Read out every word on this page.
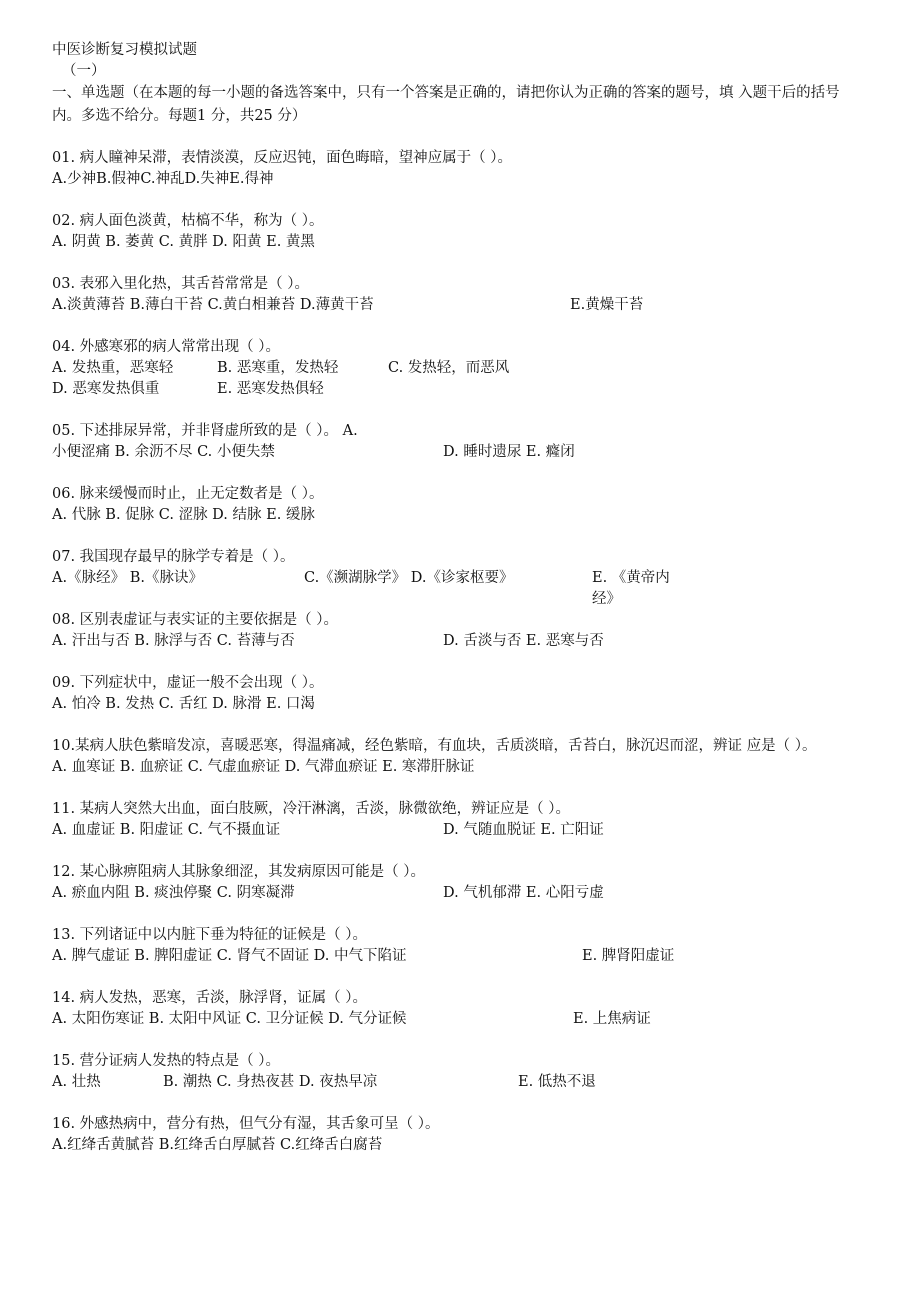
中医诊断复习模拟试题

（一）

一、单选题（在本题的每一小题的备选答案中，只有一个答案是正确的，请把你认为正确的答案的题号，填 入题干后的括号内。多选不给分。每题1 分，共25 分）

01. 病人瞳神呆滞，表情淡漠，反应迟钝，面色晦暗，望神应属于（ ）。

A.少神B.假神C.神乱D.失神E.得神

02. 病人面色淡黄，枯槁不华，称为（ ）。

A. 阴黄 B. 萎黄 C. 黄胖 D. 阳黄 E. 黄黑

03. 表邪入里化热，其舌苔常常是（ ）。

A.淡黄薄苔 B.薄白干苔 C.黄白相兼苔 D.薄黄干苔	E.黄燥干苔

04. 外感寒邪的病人常常出现（ ）。

A. 发热重，恶寒轻	B. 恶寒重，发热轻	C. 发热轻，而恶风
D. 恶寒发热俱重	E. 恶寒发热俱轻

05. 下述排尿异常，并非肾虚所致的是（ ）。 A.

小便涩痛 B. 余沥不尽 C. 小便失禁	D. 睡时遗尿 E. 癃闭

06. 脉来缓慢而时止，止无定数者是（ ）。

A. 代脉 B. 促脉 C. 涩脉 D. 结脉 E. 缓脉

07. 我国现存最早的脉学专着是（ ）。

A.《脉经》 B.《脉诀》	C.《濒湖脉学》 D.《诊家枢要》	E. 《黄帝内经》

08. 区别表虚证与表实证的主要依据是（ ）。

A. 汗出与否 B. 脉浮与否 C. 苔薄与否	D. 舌淡与否 E. 恶寒与否

09. 下列症状中，虚证一般不会出现（ ）。

A. 怕冷 B. 发热 C. 舌红 D. 脉滑 E. 口渴

10.某病人肤色紫暗发凉，喜暖恶寒，得温痛减，经色紫暗，有血块，舌质淡暗，舌苔白，脉沉迟而涩，辨证 应是（ ）。

A. 血寒证 B. 血瘀证 C. 气虚血瘀证 D. 气滞血瘀证 E. 寒滞肝脉证

11. 某病人突然大出血，面白肢厥，冷汗淋漓，舌淡，脉微欲绝，辨证应是（ ）。

A. 血虚证 B. 阳虚证 C. 气不摄血证	D. 气随血脱证 E. 亡阳证

12. 某心脉痹阻病人其脉象细涩，其发病原因可能是（ ）。

A. 瘀血内阻 B. 痰浊停聚 C. 阴寒凝滞	D. 气机郁滞 E. 心阳亏虚

13. 下列诸证中以内脏下垂为特征的证候是（ ）。

A. 脾气虚证 B. 脾阳虚证 C. 肾气不固证 D. 中气下陷证	E. 脾肾阳虚证

14. 病人发热，恶寒，舌淡，脉浮肾，证属（ ）。

A. 太阳伤寒证 B. 太阳中风证 C. 卫分证候 D. 气分证候	E. 上焦病证

15. 营分证病人发热的特点是（ ）。

A. 壮热	B. 潮热 C. 身热夜甚 D. 夜热早凉	E. 低热不退

16. 外感热病中，营分有热，但气分有湿，其舌象可呈（ ）。

A.红绛舌黄腻苔 B.红绛舌白厚腻苔 C.红绛舌白腐苔
